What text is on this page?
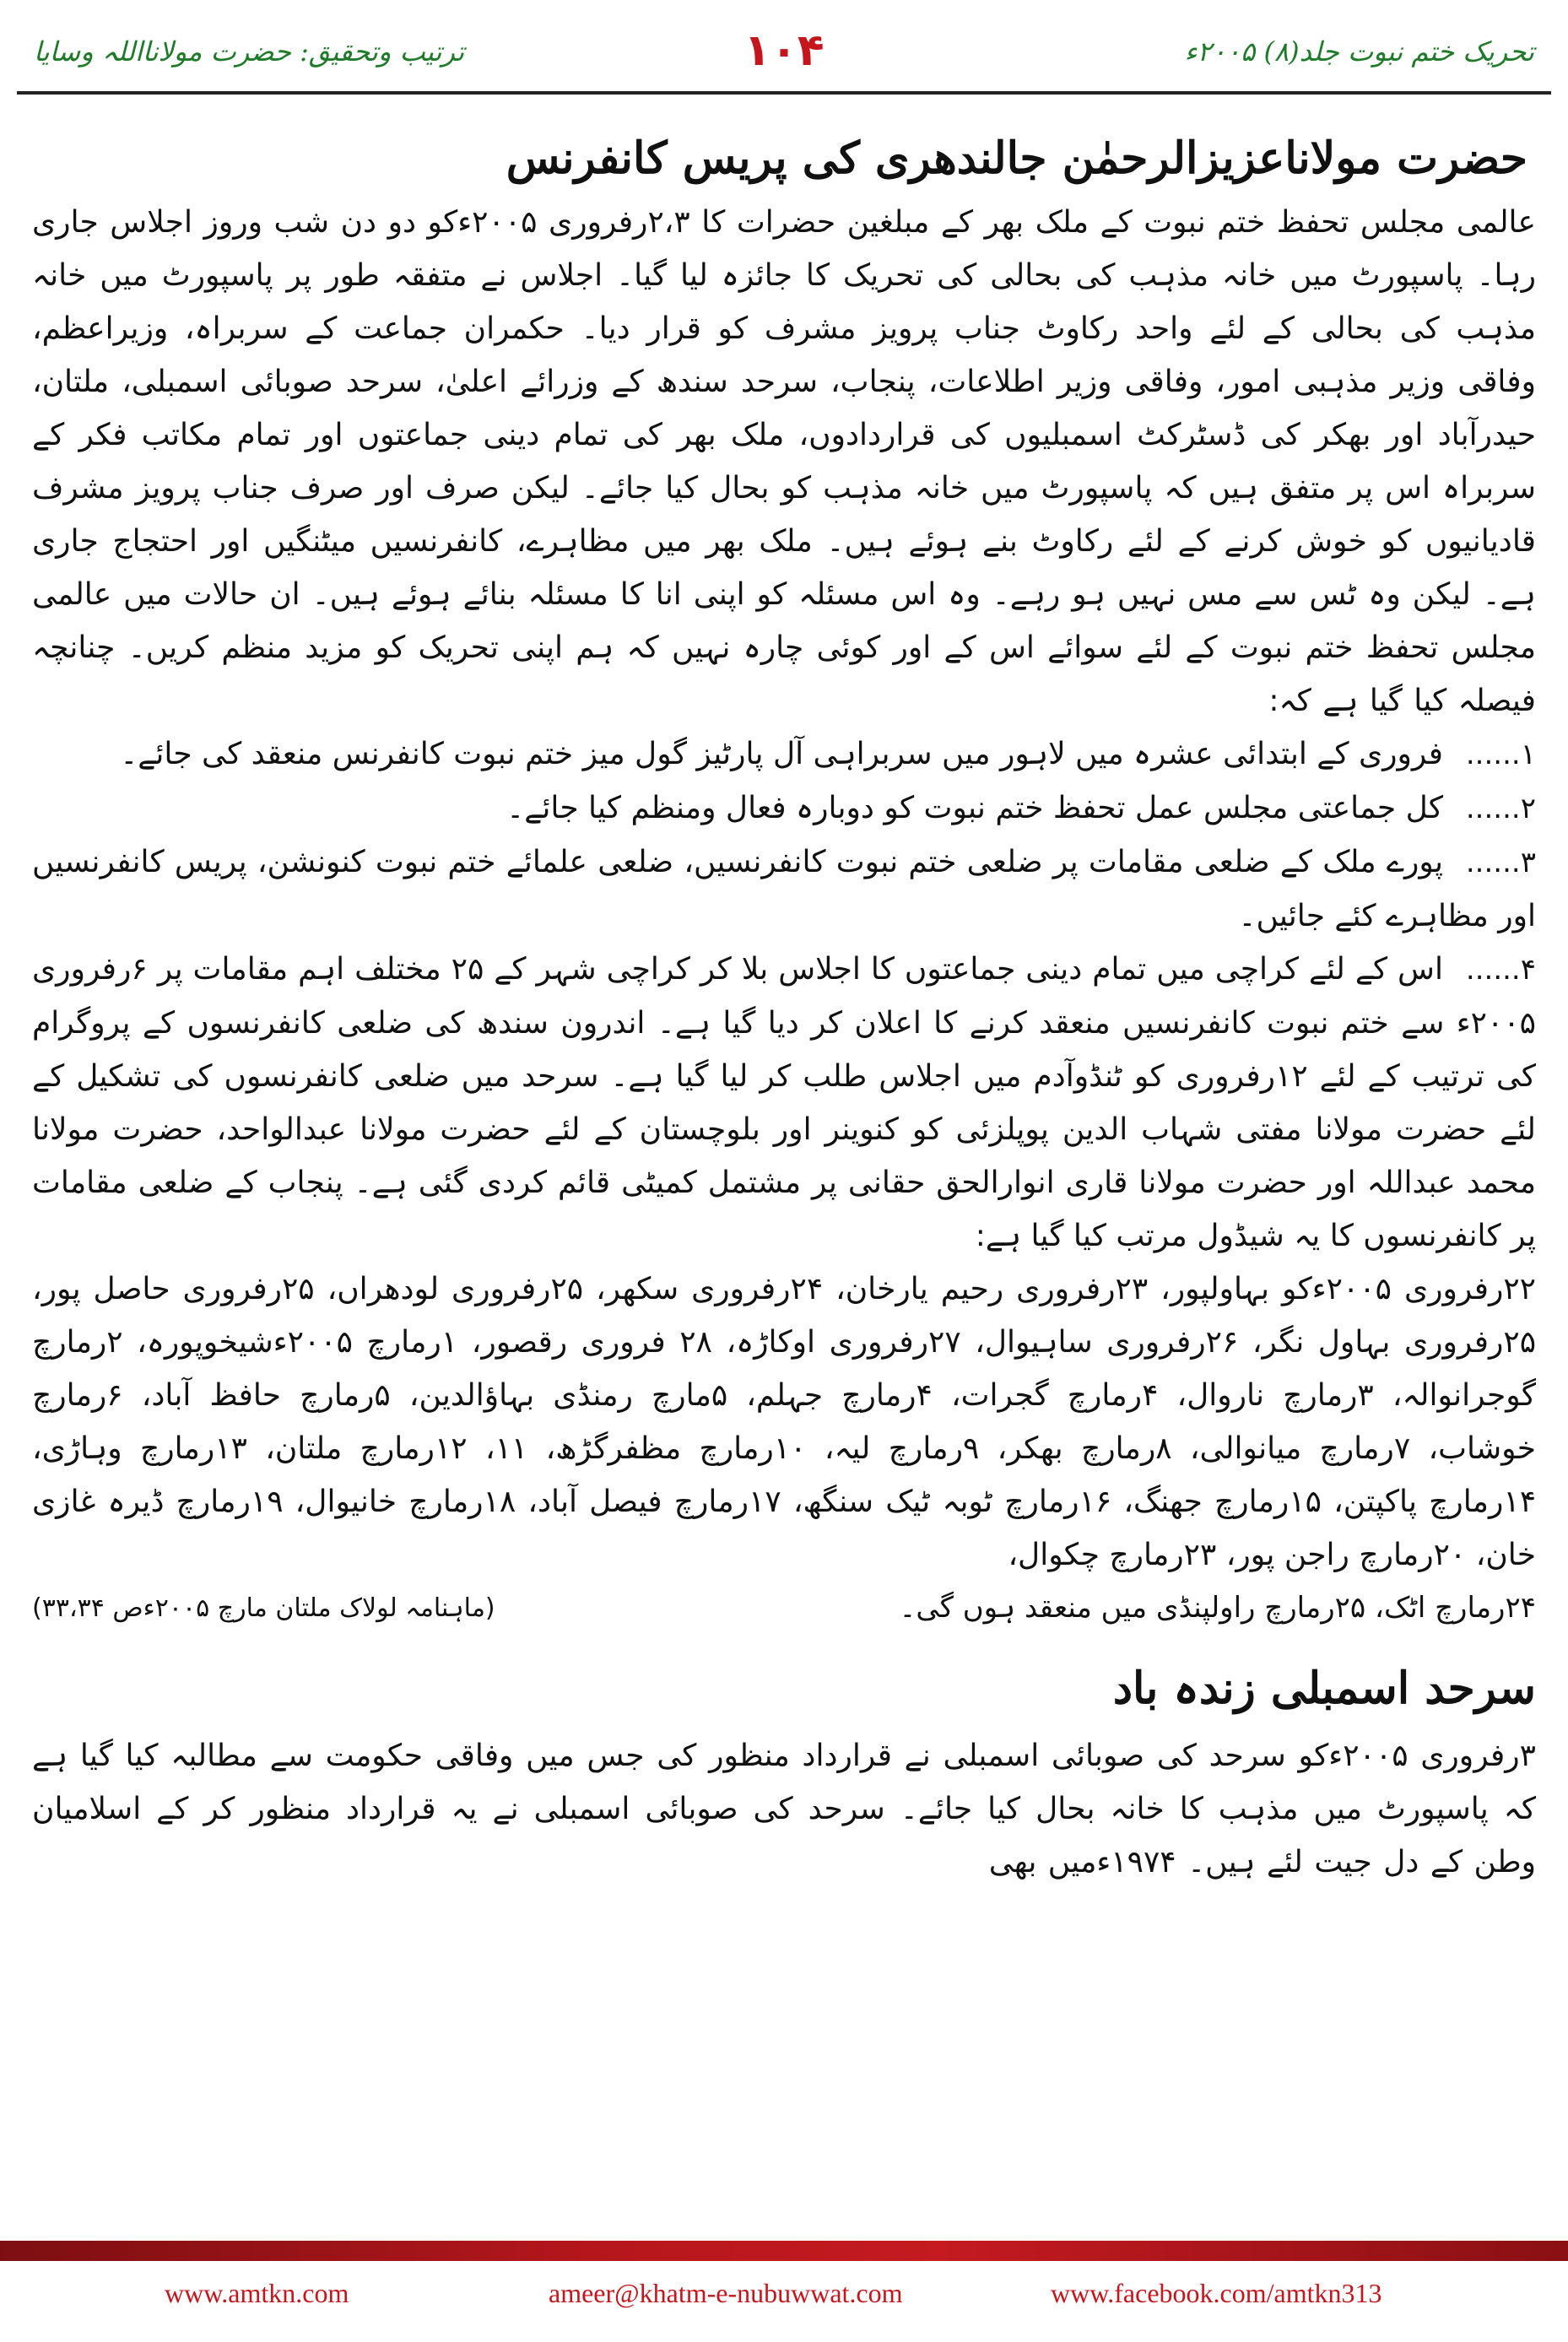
ترتیب وتحقیق: حضرت مولانااللہ وسایا	۱۰۴	تحریک ختم نبوت جلد(۸) ۲۰۰۵ء
حضرت مولاناعزیزالرحمٰن جالندھری کی پریس کانفرنس

عالمی مجلس تحفظ ختم نبوت کے ملک بھر کے مبلغین حضرات کا ۲،۳رفروری ۲۰۰۵ءکو دو دن شب وروز اجلاس جاری رہا۔ پاسپورٹ میں خانہ مذہب کی بحالی کی تحریک کا جائزہ لیا گیا۔ اجلاس نے متفقہ طور پر پاسپورٹ میں خانہ مذہب کی بحالی کے لئے واحد رکاوٹ جناب پرویز مشرف کو قرار دیا۔ حکمران جماعت کے سربراہ، وزیراعظم، وفاقی وزیر مذہبی امور، وفاقی وزیر اطلاعات، پنجاب، سرحد سندھ کے وزرائے اعلیٰ، سرحد صوبائی اسمبلی، ملتان، حیدرآباد اور بھکر کی ڈسٹرکٹ اسمبلیوں کی قراردادوں، ملک بھر کی تمام دینی جماعتوں اور تمام مکاتب فکر کے سربراہ اس پر متفق ہیں کہ پاسپورٹ میں خانہ مذہب کو بحال کیا جائے۔ لیکن صرف اور صرف جناب پرویز مشرف قادیانیوں کو خوش کرنے کے لئے رکاوٹ بنے ہوئے ہیں۔ ملک بھر میں مظاہرے، کانفرنسیں میٹنگیں اور احتجاج جاری ہے۔ لیکن وہ ٹس سے مس نہیں ہو رہے۔ وہ اس مسئلہ کو اپنی انا کا مسئلہ بنائے ہوئے ہیں۔ ان حالات میں عالمی مجلس تحفظ ختم نبوت کے لئے سوائے اس کے اور کوئی چارہ نہیں کہ ہم اپنی تحریک کو مزید منظم کریں۔ چنانچہ فیصلہ کیا گیا ہے کہ:

۱......فروری کے ابتدائی عشرہ میں لاہور میں سربراہی آل پارٹیز گول میز ختم نبوت کانفرنس منعقد کی جائے۔
۲......کل جماعتی مجلس عمل تحفظ ختم نبوت کو دوبارہ فعال ومنظم کیا جائے۔
۳......پورے ملک کے ضلعی مقامات پر ضلعی ختم نبوت کانفرنسیں، ضلعی علمائے ختم نبوت کنونشن، پریس کانفرنسیں اور مظاہرے کئے جائیں۔
۴......اس کے لئے کراچی میں تمام دینی جماعتوں کا اجلاس بلا کر کراچی شہر کے ۲۵ مختلف اہم مقامات پر ۶رفروری ۲۰۰۵ء سے ختم نبوت کانفرنسیں منعقد کرنے کا اعلان کر دیا گیا ہے۔ اندرون سندھ کی ضلعی کانفرنسوں کے پروگرام کی ترتیب کے لئے ۱۲رفروری کو ٹنڈوآدم میں اجلاس طلب کر لیا گیا ہے۔ سرحد میں ضلعی کانفرنسوں کی تشکیل کے لئے حضرت مولانا مفتی شہاب الدین پوپلزئی کو کنوینر اور بلوچستان کے لئے حضرت مولانا عبدالواحد، حضرت مولانا محمد عبداللہ اور حضرت مولانا قاری انوارالحق حقانی پر مشتمل کمیٹی قائم کردی گئی ہے۔ پنجاب کے ضلعی مقامات پر کانفرنسوں کا یہ شیڈول مرتب کیا گیا ہے:

۲۲رفروری ۲۰۰۵ءکو بہاولپور، ۲۳رفروری رحیم یارخان، ۲۴رفروری سکھر، ۲۵رفروری لودھراں، ۲۵رفروری حاصل پور، ۲۵رفروری بہاول نگر، ۲۶رفروری ساہیوال، ۲۷رفروری اوکاڑہ، ۲۸ فروری رقصور، ۱رمارچ ۲۰۰۵ءشیخوپورہ، ۲رمارچ گوجرانوالہ، ۳رمارچ ناروال، ۴رمارچ گجرات، ۴رمارچ جہلم، ۵مارچ رمنڈی بہاؤالدین، ۵رمارچ حافظ آباد، ۶رمارچ خوشاب، ۷رمارچ میانوالی، ۸رمارچ بھکر، ۹رمارچ لیہ، ۱۰رمارچ مظفرگڑھ، ۱۱، ۱۲رمارچ ملتان، ۱۳رمارچ وہاڑی، ۱۴رمارچ پاکپتن، ۱۵رمارچ جھنگ، ۱۶رمارچ ٹوبہ ٹیک سنگھ، ۱۷رمارچ فیصل آباد، ۱۸رمارچ خانیوال، ۱۹رمارچ ڈیرہ غازی خان، ۲۰رمارچ راجن پور، ۲۳رمارچ چکوال،

۲۴رمارچ اٹک، ۲۵رمارچ راولپنڈی میں منعقد ہوں گی۔
(ماہنامہ لولاک ملتان مارچ ۲۰۰۵ءص ۳۳،۳۴)
سرحد اسمبلی زندہ باد

۳رفروری ۲۰۰۵ءکو سرحد کی صوبائی اسمبلی نے قرارداد منظور کی جس میں وفاقی حکومت سے مطالبہ کیا گیا ہے کہ پاسپورٹ میں مذہب کا خانہ بحال کیا جائے۔ سرحد کی صوبائی اسمبلی نے یہ قرارداد منظور کر کے اسلامیان وطن کے دل جیت لئے ہیں۔ ۱۹۷۴ءمیں بھی

www.amtkn.com	ameer@khatm-e-nubuwwat.com	www.facebook.com/amtkn313
